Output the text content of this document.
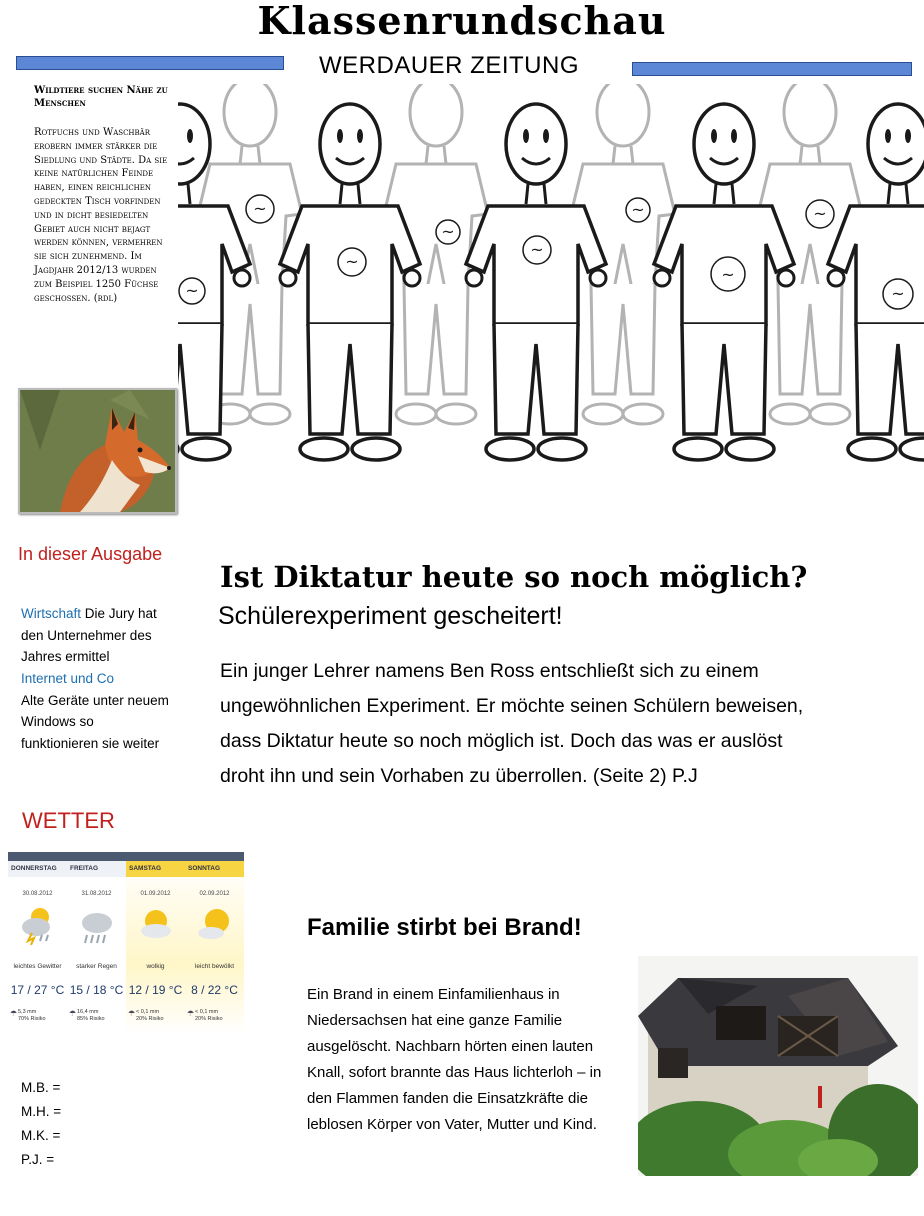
Klassenrundschau
WERDAUER ZEITUNG
Wildtiere suchen Nähe zu Menschen
Rotfuchs und Waschbär erobern immer stärker die Siedlung und Städte. Da sie keine natürlichen Feinde haben, einen reichlichen gedeckten Tisch vorfinden und in dicht besiedelten Gebiet auch nicht bejagt werden können, vermehren sie sich zunehmend. Im Jagdjahr 2012/13 wurden zum Beispiel 1250 Füchse geschossen. (rdl)
~
~
~
~
~
~
~
~
~
In dieser Ausgabe
Wirtschaft Die Jury hat den Unternehmer des Jahres ermittel
Internet und Co
Alte Geräte unter neuem Windows so funktionieren sie weiter
WETTER
DONNERSTAG
30.08.2012
leichtes Gewitter
17 / 27 °C
☂ 5,3 mm
70% Risiko
FREITAG
31.08.2012
starker Regen
15 / 18 °C
☂ 16,4 mm
85% Risiko
SAMSTAG
01.09.2012
wolkig
12 / 19 °C
☂ < 0,1 mm
20% Risiko
SONNTAG
02.09.2012
leicht bewölkt
8 / 22 °C
☂ < 0,1 mm
20% Risiko
M.B. =
M.H. =
M.K. =
P.J. =
Ist Diktatur heute so noch möglich?
Schülerexperiment gescheitert!
Ein junger Lehrer namens Ben Ross entschließt sich zu einem ungewöhnlichen Experiment. Er möchte seinen Schülern beweisen, dass Diktatur heute so noch möglich ist. Doch das was er auslöst droht ihn und sein Vorhaben zu überrollen. (Seite 2) P.J
Familie stirbt bei Brand!
Ein Brand in einem Einfamilienhaus in Niedersachsen hat eine ganze Familie ausgelöscht. Nachbarn hörten einen lauten Knall, sofort brannte das Haus lichterloh – in den Flammen fanden die Einsatzkräfte die leblosen Körper von Vater, Mutter und Kind.
